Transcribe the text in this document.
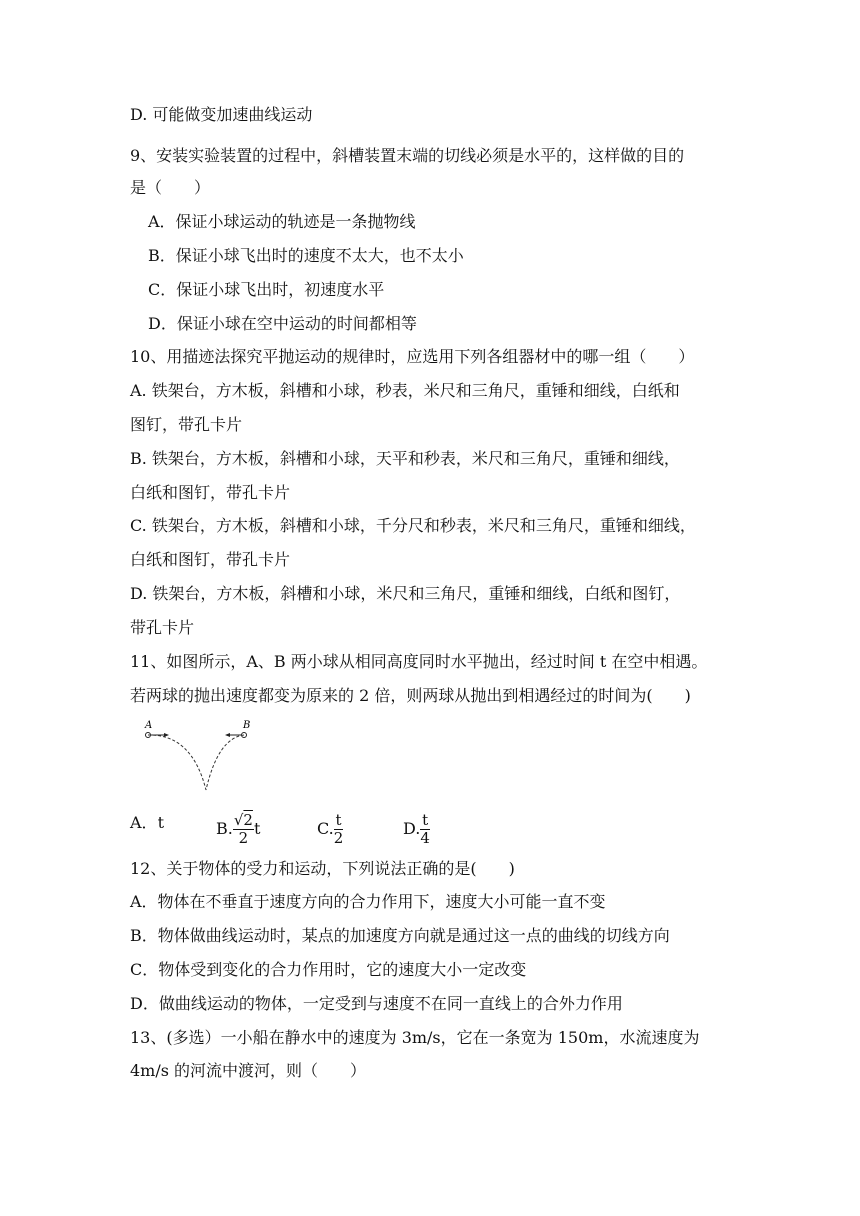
D. 可能做变加速曲线运动
9、安装实验装置的过程中，斜槽装置末端的切线必须是水平的，这样做的目的
是（　　）
A．保证小球运动的轨迹是一条抛物线
B．保证小球飞出时的速度不太大，也不太小
C．保证小球飞出时，初速度水平
D．保证小球在空中运动的时间都相等
10、用描迹法探究平抛运动的规律时，应选用下列各组器材中的哪一组（　　）
A. 铁架台，方木板，斜槽和小球，秒表，米尺和三角尺，重锤和细线，白纸和
图钉，带孔卡片
B. 铁架台，方木板，斜槽和小球，天平和秒表，米尺和三角尺，重锤和细线，
白纸和图钉，带孔卡片
C. 铁架台，方木板，斜槽和小球，千分尺和秒表，米尺和三角尺，重锤和细线，
白纸和图钉，带孔卡片
D. 铁架台，方木板，斜槽和小球，米尺和三角尺，重锤和细线，白纸和图钉，
带孔卡片
11、如图所示，A、B 两小球从相同高度同时水平抛出，经过时间 t 在空中相遇。
若两球的抛出速度都变为原来的 2 倍，则两球从抛出到相遇经过的时间为(　　)
A	B
A．t	B. $\frac{√2}{2}$ t	C. $\frac{t}{2}$	D. $\frac{t}{4}$
12、关于物体的受力和运动，下列说法正确的是(　　)
A．物体在不垂直于速度方向的合力作用下，速度大小可能一直不变
B．物体做曲线运动时，某点的加速度方向就是通过这一点的曲线的切线方向
C．物体受到变化的合力作用时，它的速度大小一定改变
D．做曲线运动的物体，一定受到与速度不在同一直线上的合外力作用
13、(多选）一小船在静水中的速度为 3m/s，它在一条宽为 150m，水流速度为
4m/s 的河流中渡河，则（　　）
